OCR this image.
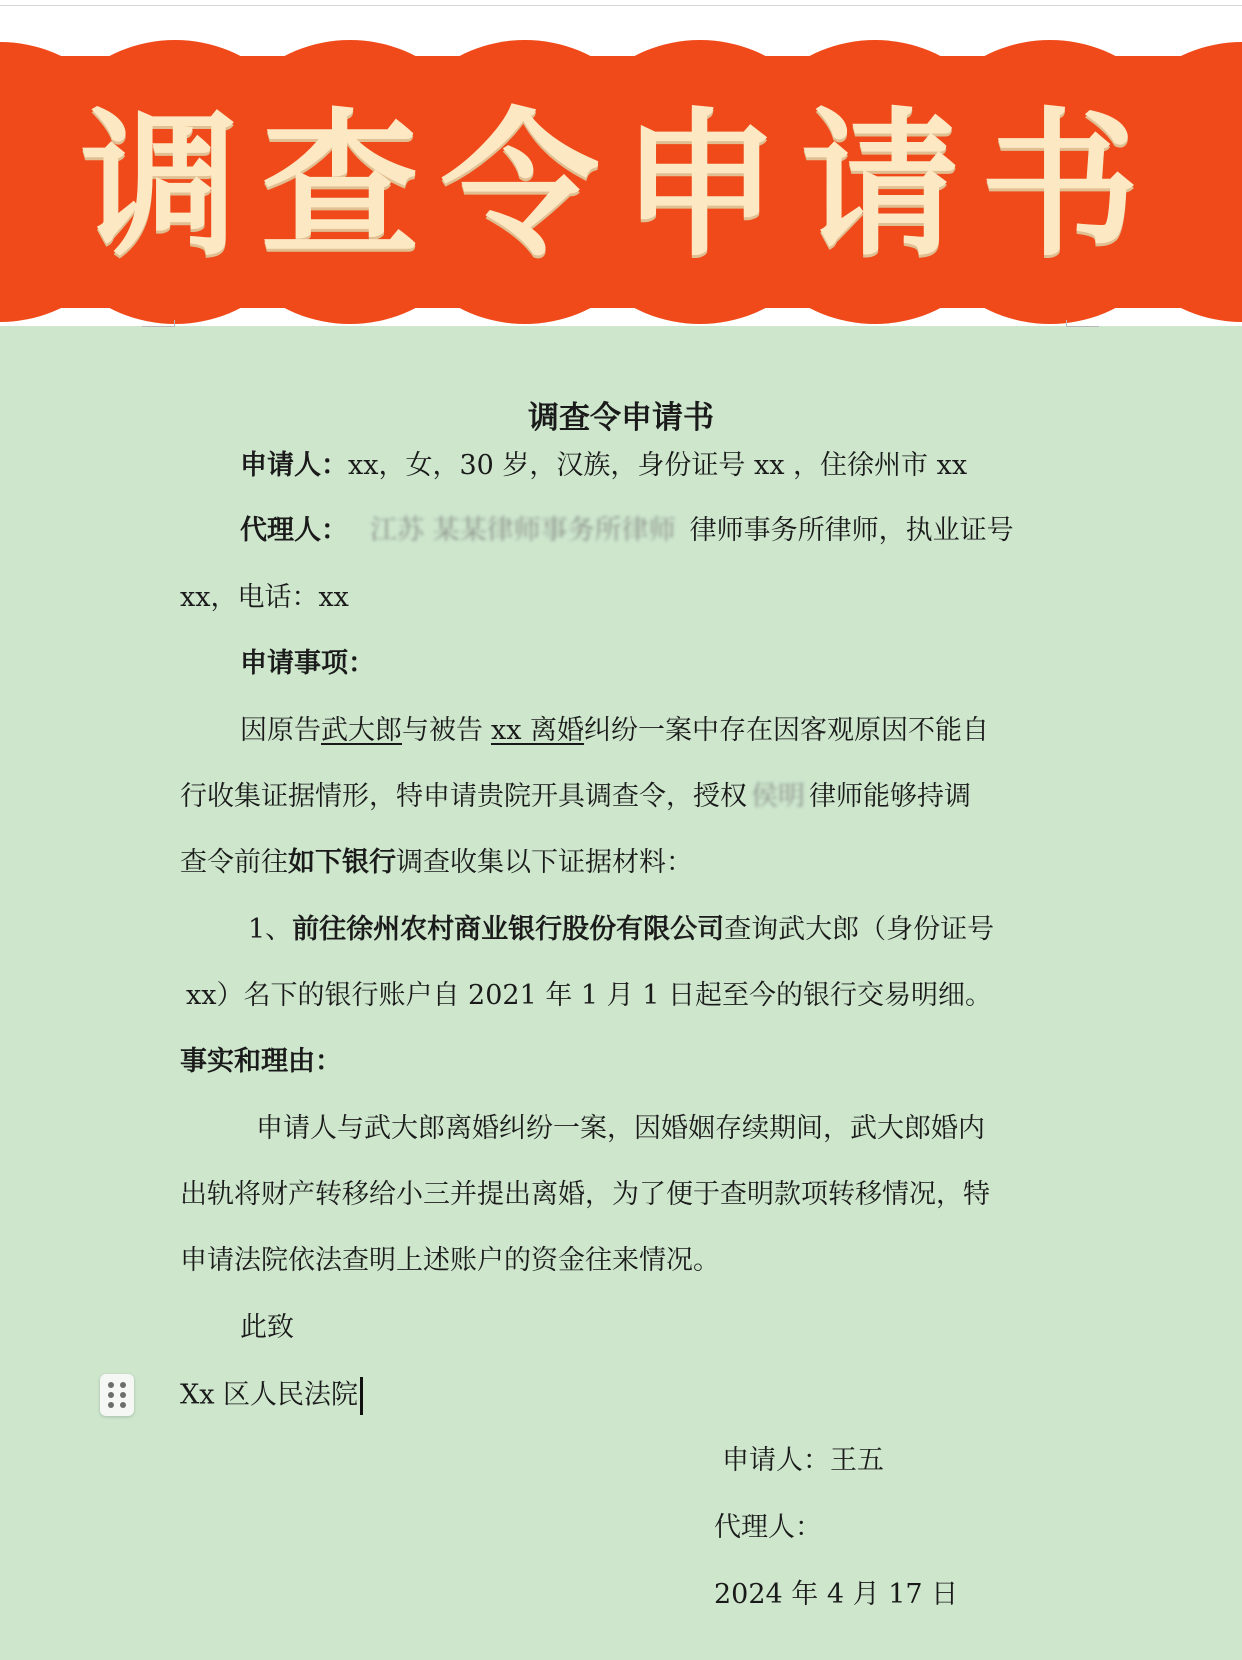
调查令申请书
调查令申请书
申请人：xx，女，30 岁，汉族，身份证号 xx ，住徐州市 xx
代理人： 江苏 某某律师事务所律师 律师事务所律师，执业证号
xx，电话：xx
申请事项：
因原告武大郎与被告 xx 离婚纠纷一案中存在因客观原因不能自
行收集证据情形，特申请贵院开具调查令，授权 侯明 律师能够持调
查令前往如下银行调查收集以下证据材料：
1、前往徐州农村商业银行股份有限公司查询武大郎（身份证号
xx）名下的银行账户自 2021 年 1 月 1 日起至今的银行交易明细。
事实和理由：
申请人与武大郎离婚纠纷一案，因婚姻存续期间，武大郎婚内
出轨将财产转移给小三并提出离婚，为了便于查明款项转移情况，特
申请法院依法查明上述账户的资金往来情况。
此致
Xx 区人民法院
申请人：王五
代理人：
2024 年 4 月 17 日
